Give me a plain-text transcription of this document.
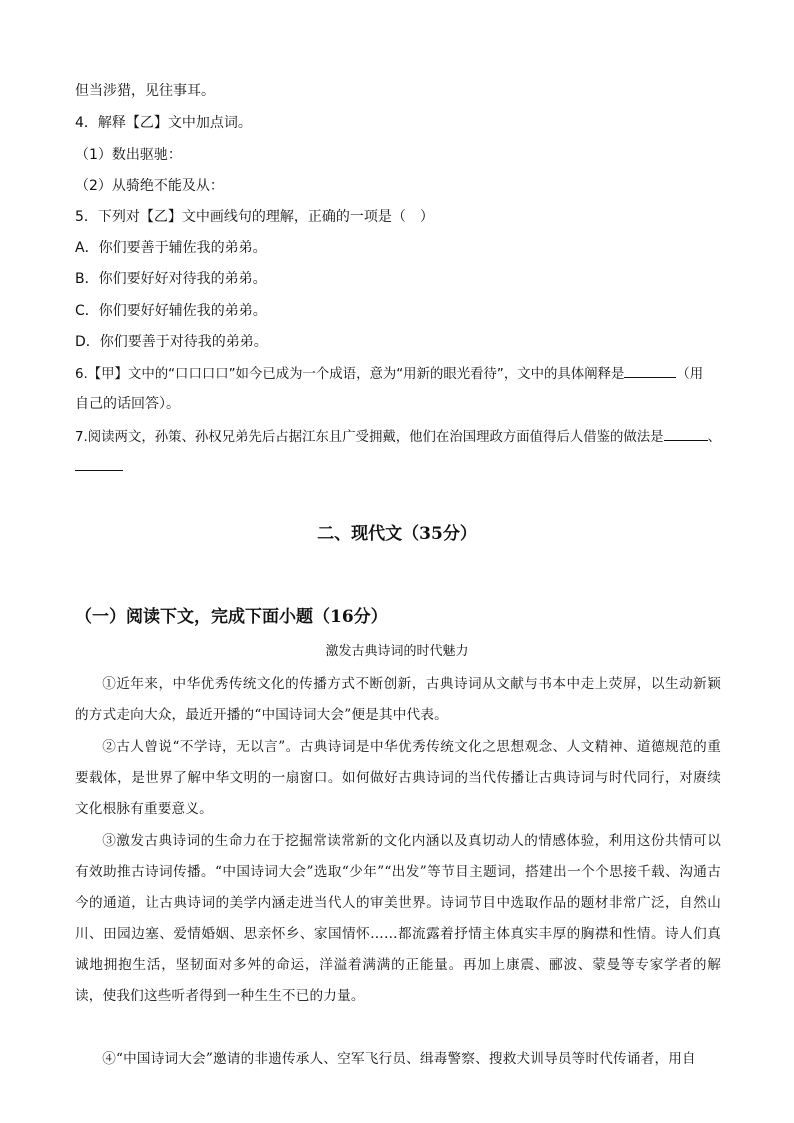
但当涉猎，见往事耳。
4．解释【乙】文中加点词。
（1）数出驱驰：
（2）从骑绝不能及从：
5．下列对【乙】文中画线句的理解，正确的一项是（　）
A．你们要善于辅佐我的弟弟。
B．你们要好好对待我的弟弟。
C．你们要好好辅佐我的弟弟。
D．你们要善于对待我的弟弟。
6.【甲】文中的“口口口口”如今已成为一个成语，意为“用新的眼光看待”，文中的具体阐释是	（用
自己的话回答）。
7.阅读两文，孙策、孙权兄弟先后占据江东且广受拥戴，他们在治国理政方面值得后人借鉴的做法是	、
二、现代文（35分）
（一）阅读下文，完成下面小题（16分）
激发古典诗词的时代魅力
①近年来，中华优秀传统文化的传播方式不断创新，古典诗词从文献与书本中走上荧屏，以生动新颖的方式走向大众，最近开播的“中国诗词大会”便是其中代表。
②古人曾说“不学诗，无以言”。古典诗词是中华优秀传统文化之思想观念、人文精神、道德规范的重要载体，是世界了解中华文明的一扇窗口。如何做好古典诗词的当代传播让古典诗词与时代同行，对赓续文化根脉有重要意义。
③激发古典诗词的生命力在于挖掘常读常新的文化内涵以及真切动人的情感体验，利用这份共情可以有效助推古诗词传播。“中国诗词大会”选取“少年”“出发”等节目主题词，搭建出一个个思接千载、沟通古今的通道，让古典诗词的美学内涵走进当代人的审美世界。诗词节目中选取作品的题材非常广泛，自然山川、田园边塞、爱情婚姻、思亲怀乡、家国情怀……都流露着抒情主体真实丰厚的胸襟和性情。诗人们真诚地拥抱生活，坚韧面对多舛的命运，洋溢着满满的正能量。再加上康震、郦波、蒙曼等专家学者的解读，使我们这些听者得到一种生生不已的力量。
④“中国诗词大会”邀请的非遗传承人、空军飞行员、缉毒警察、搜救犬训导员等时代传诵者，用自
